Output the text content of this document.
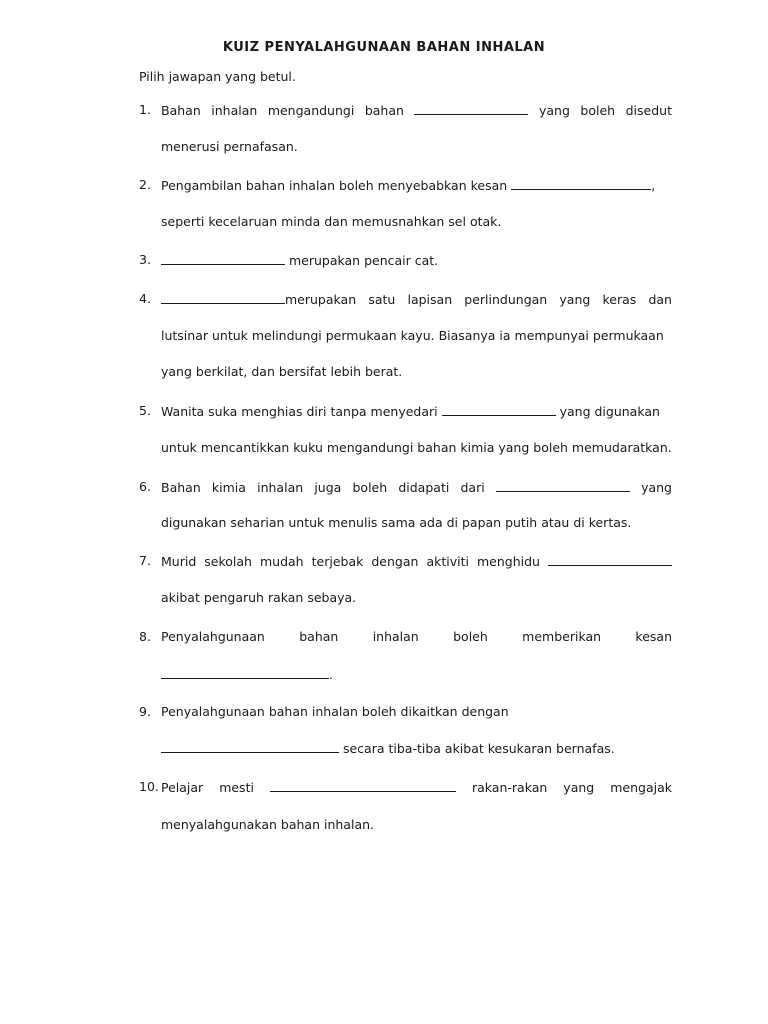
KUIZ PENYALAHGUNAAN BAHAN INHALAN
Pilih jawapan yang betul.
1. Bahan inhalan mengandungi bahan	yang boleh disedut
menerusi pernafasan.
2. Pengambilan bahan inhalan boleh menyebabkan kesan	,
seperti kecelaruan minda dan memusnahkan sel otak.
3.	merupakan pencair cat.
4.	merupakan satu lapisan perlindungan yang keras dan
lutsinar untuk melindungi permukaan kayu. Biasanya ia mempunyai permukaan
yang berkilat, dan bersifat lebih berat.
5. Wanita suka menghias diri tanpa menyedari	yang digunakan
untuk mencantikkan kuku mengandungi bahan kimia yang boleh memudaratkan.
6. Bahan kimia inhalan juga boleh didapati dari	yang
digunakan seharian untuk menulis sama ada di papan putih atau di kertas.
7. Murid sekolah mudah terjebak dengan aktiviti menghidu
akibat pengaruh rakan sebaya.
8. Penyalahgunaan bahan inhalan boleh memberikan kesan
.
9. Penyalahgunaan bahan inhalan boleh dikaitkan dengan
secara tiba-tiba akibat kesukaran bernafas.
10. Pelajar mesti	rakan-rakan yang mengajak
menyalahgunakan bahan inhalan.
